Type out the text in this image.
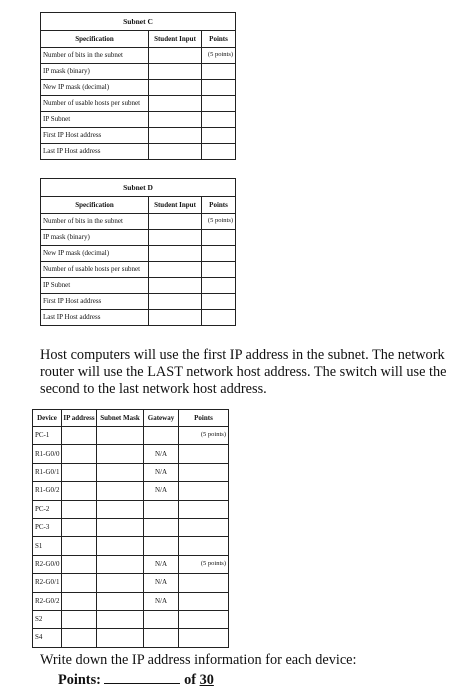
Subnet C		
Specification	Student Input	Points
Number of bits in the subnet		(5 points)
IP mask (binary)		
New IP mask (decimal)		
Number of usable hosts per subnet		
IP Subnet		
First IP Host address		
Last IP Host address		
Subnet D		
Specification	Student Input	Points
Number of bits in the subnet		(5 points)
IP mask (binary)		
New IP mask (decimal)		
Number of usable hosts per subnet		
IP Subnet		
First IP Host address		
Last IP Host address		

Host computers will use the first IP address in the subnet. The network router will use the LAST network host address. The switch will use the second to the last network host address.

Device	IP address	Subnet Mask	Gateway	Points
PC-1				(5 points)
R1-G0/0			N/A	
R1-G0/1			N/A	
R1-G0/2			N/A	
PC-2				
PC-3				
S1				
R2-G0/0			N/A	(5 points)
R2-G0/1			N/A	
R2-G0/2			N/A	
S2				
S4				

Write down the IP address information for each device:

Points:	of 30
